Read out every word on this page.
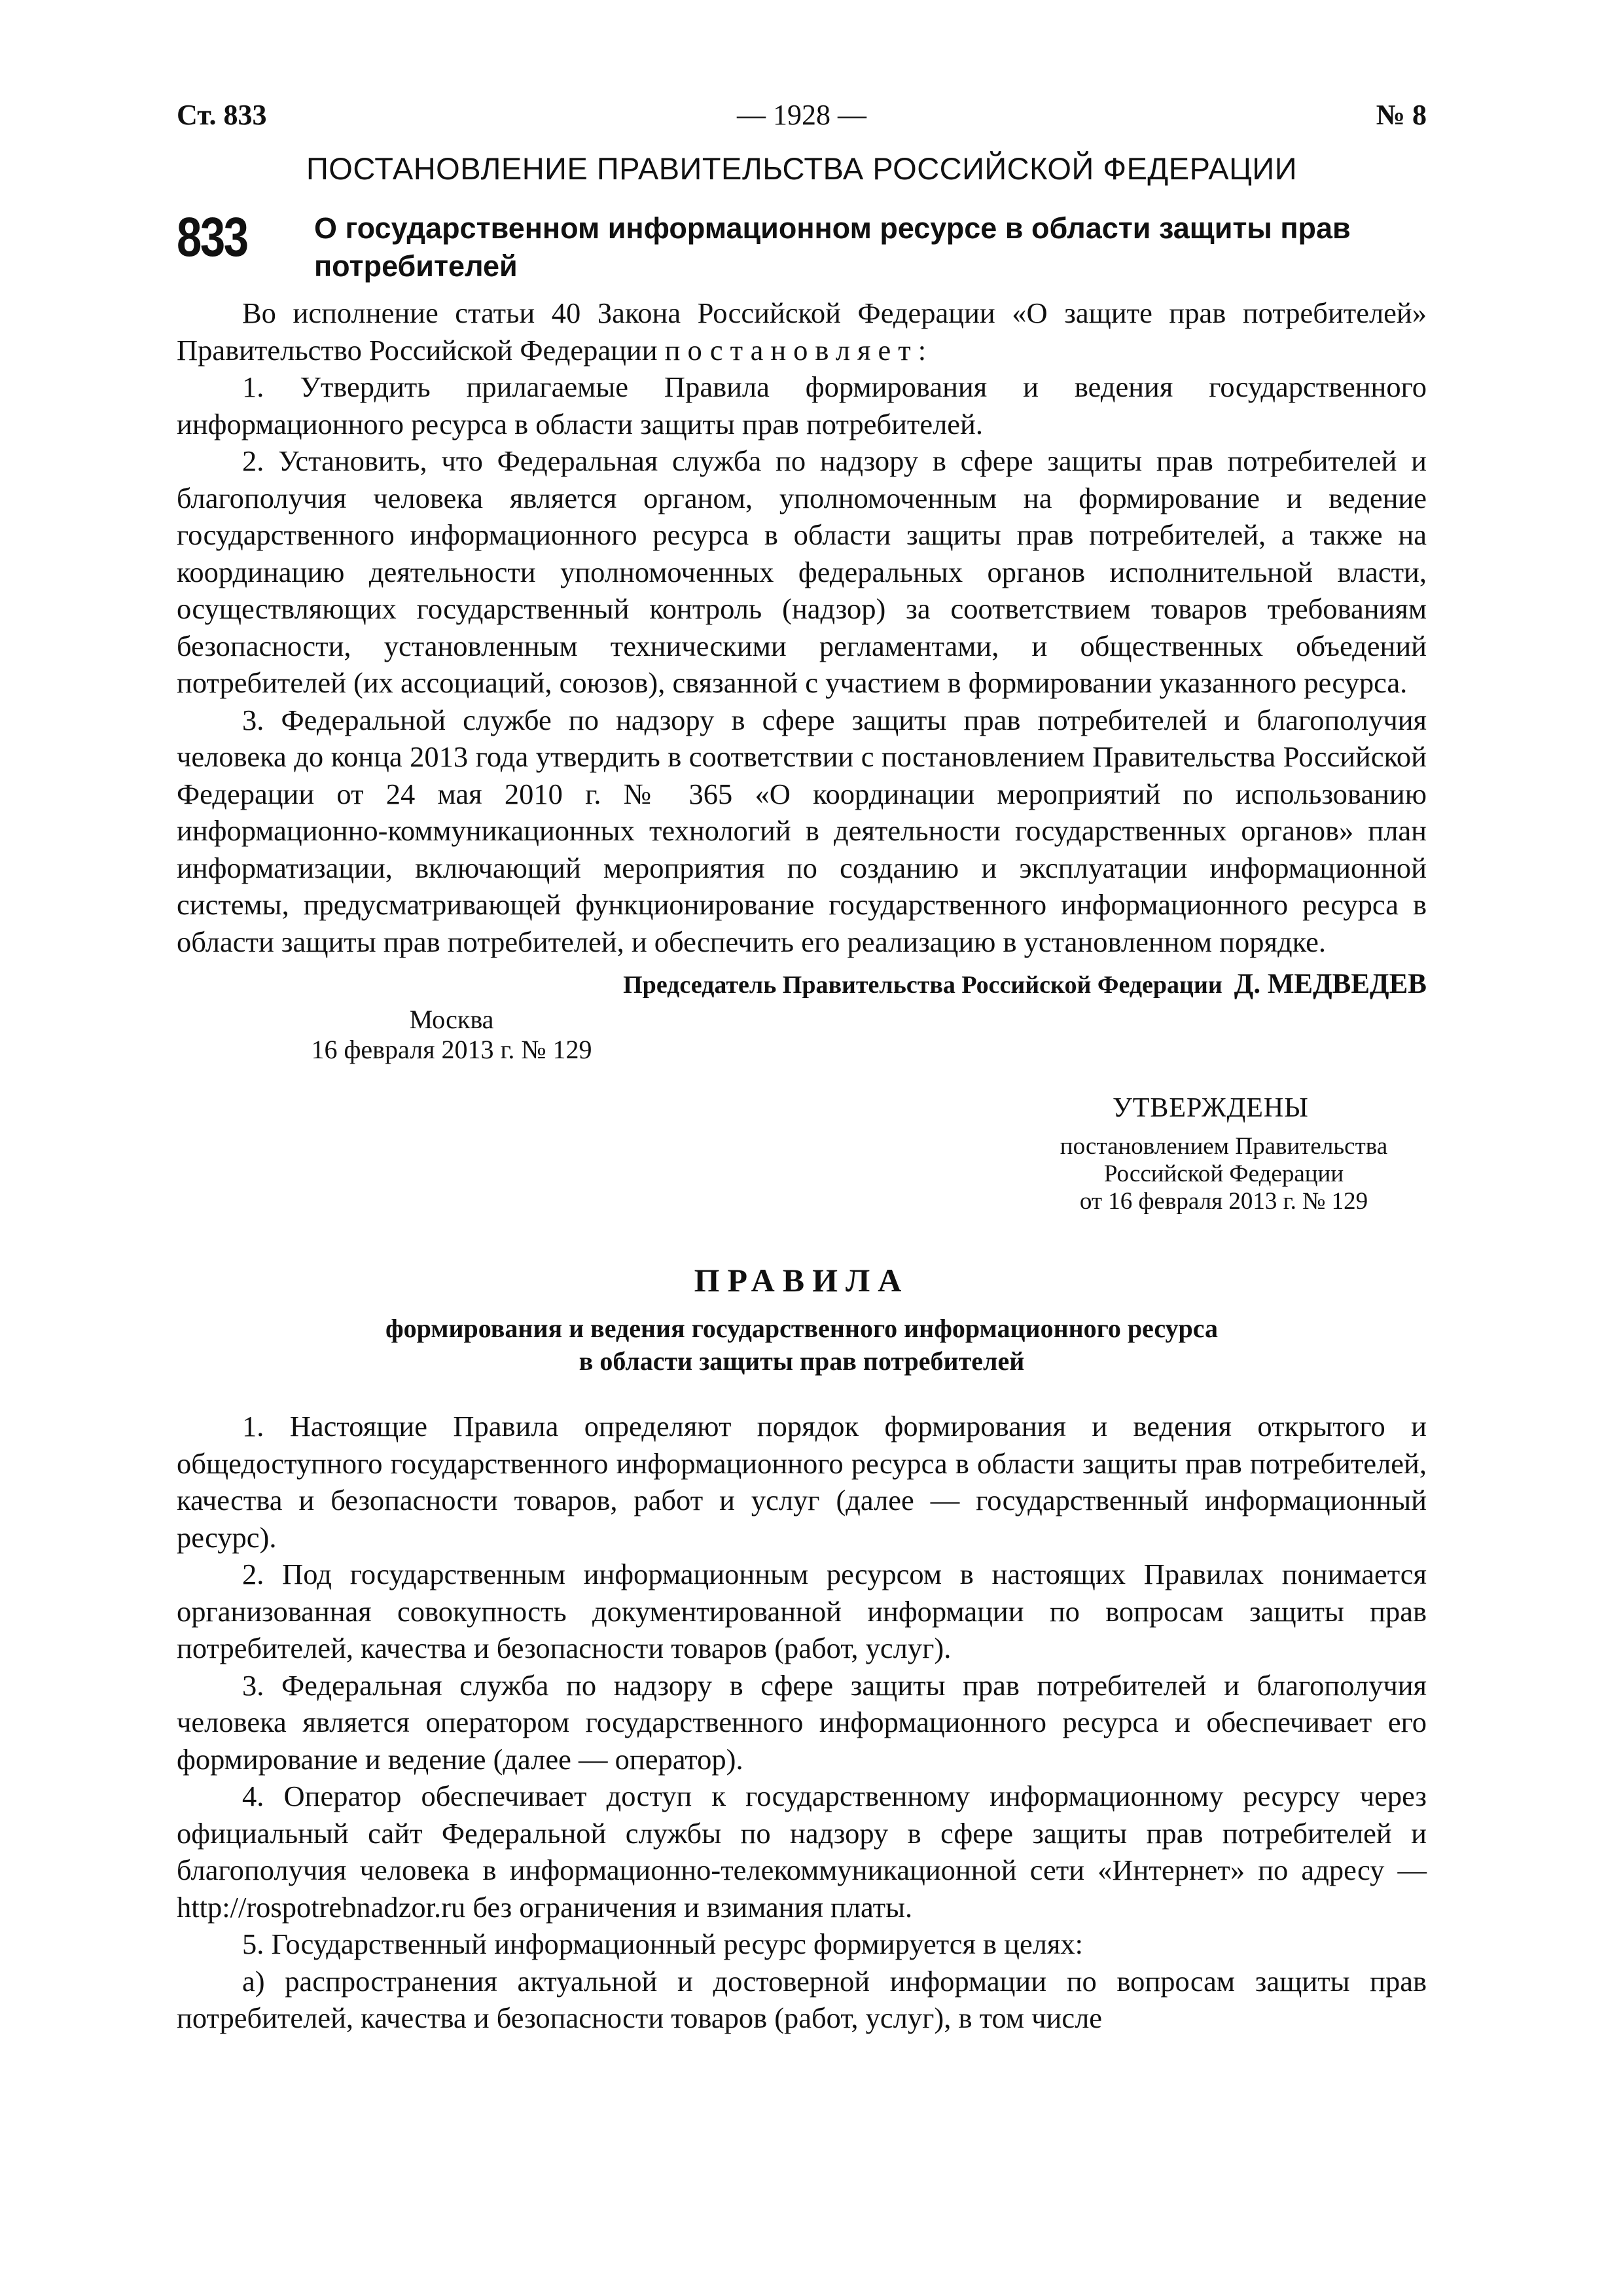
Ст. 833	— 1928 —	№ 8
ПОСТАНОВЛЕНИЕ ПРАВИТЕЛЬСТВА РОССИЙСКОЙ ФЕДЕРАЦИИ
833 О государственном информационном ресурсе в области защиты прав потребителей

Во исполнение статьи 40 Закона Российской Федерации «О защите прав потребителей» Правительство Российской Федерации постановляет:

1. Утвердить прилагаемые Правила формирования и ведения государственного информационного ресурса в области защиты прав потребителей.

2. Установить, что Федеральная служба по надзору в сфере защиты прав потребителей и благополучия человека является органом, уполномоченным на формирование и ведение государственного информационного ресурса в области защиты прав потребителей, а также на координацию деятельности уполномоченных федеральных органов исполнительной власти, осуществляющих государственный контроль (надзор) за соответствием товаров требованиям безопасности, установленным техническими регламентами, и общественных объедений потребителей (их ассоциаций, союзов), связанной с участием в формировании указанного ресурса.

3. Федеральной службе по надзору в сфере защиты прав потребителей и благополучия человека до конца 2013 года утвердить в соответствии с постановлением Правительства Российской Федерации от 24 мая 2010 г. № 365 «О координации мероприятий по использованию информационно-коммуникационных технологий в деятельности государственных органов» план информатизации, включающий мероприятия по созданию и эксплуатации информационной системы, предусматривающей функционирование государственного информационного ресурса в области защиты прав потребителей, и обеспечить его реализацию в установленном порядке.

Председатель Правительства Российской Федерации Д. МЕДВЕДЕВ
Москва
16 февраля 2013 г. № 129
УТВЕРЖДЕНЫ
постановлением Правительства
Российской Федерации
от 16 февраля 2013 г. № 129
ПРАВИЛА
формирования и ведения государственного информационного ресурса
в области защиты прав потребителей

1. Настоящие Правила определяют порядок формирования и ведения открытого и общедоступного государственного информационного ресурса в области защиты прав потребителей, качества и безопасности товаров, работ и услуг (далее — государственный информационный ресурс).

2. Под государственным информационным ресурсом в настоящих Правилах понимается организованная совокупность документированной информации по вопросам защиты прав потребителей, качества и безопасности товаров (работ, услуг).

3. Федеральная служба по надзору в сфере защиты прав потребителей и благополучия человека является оператором государственного информационного ресурса и обеспечивает его формирование и ведение (далее — оператор).

4. Оператор обеспечивает доступ к государственному информационному ресурсу через официальный сайт Федеральной службы по надзору в сфере защиты прав потребителей и благополучия человека в информационно-телекоммуникационной сети «Интернет» по адресу — http://rospotrebnadzor.ru без ограничения и взимания платы.

5. Государственный информационный ресурс формируется в целях:

а) распространения актуальной и достоверной информации по вопросам защиты прав потребителей, качества и безопасности товаров (работ, услуг), в том числе
